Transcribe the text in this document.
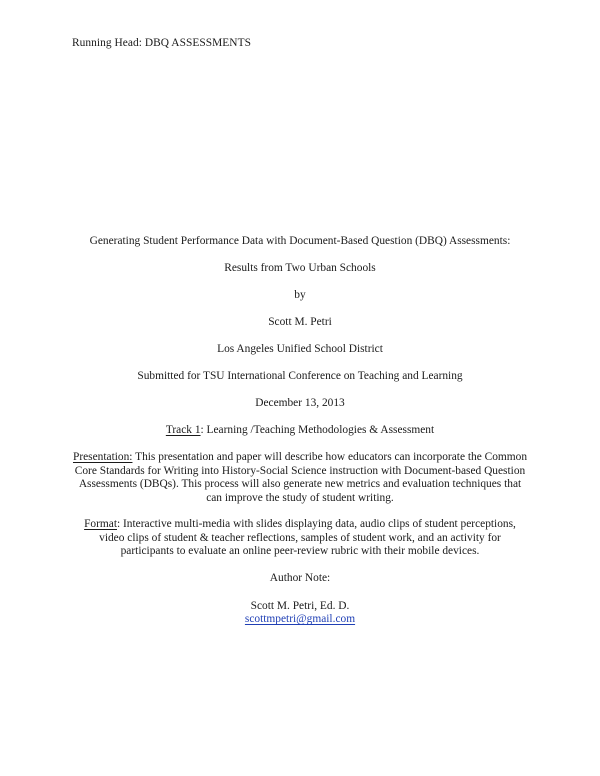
Running Head: DBQ ASSESSMENTS
Generating Student Performance Data with Document-Based Question (DBQ) Assessments:
Results from Two Urban Schools
by
Scott M. Petri
Los Angeles Unified School District
Submitted for TSU International Conference on Teaching and Learning
December 13, 2013
Track 1: Learning /Teaching Methodologies & Assessment
Presentation: This presentation and paper will describe how educators can incorporate the Common Core Standards for Writing into History-Social Science instruction with Document-based Question Assessments (DBQs). This process will also generate new metrics and evaluation techniques that can improve the study of student writing.
Format: Interactive multi-media with slides displaying data, audio clips of student perceptions, video clips of student & teacher reflections, samples of student work, and an activity for participants to evaluate an online peer-review rubric with their mobile devices.
Author Note:
Scott M. Petri, Ed. D.
scottmpetri@gmail.com
